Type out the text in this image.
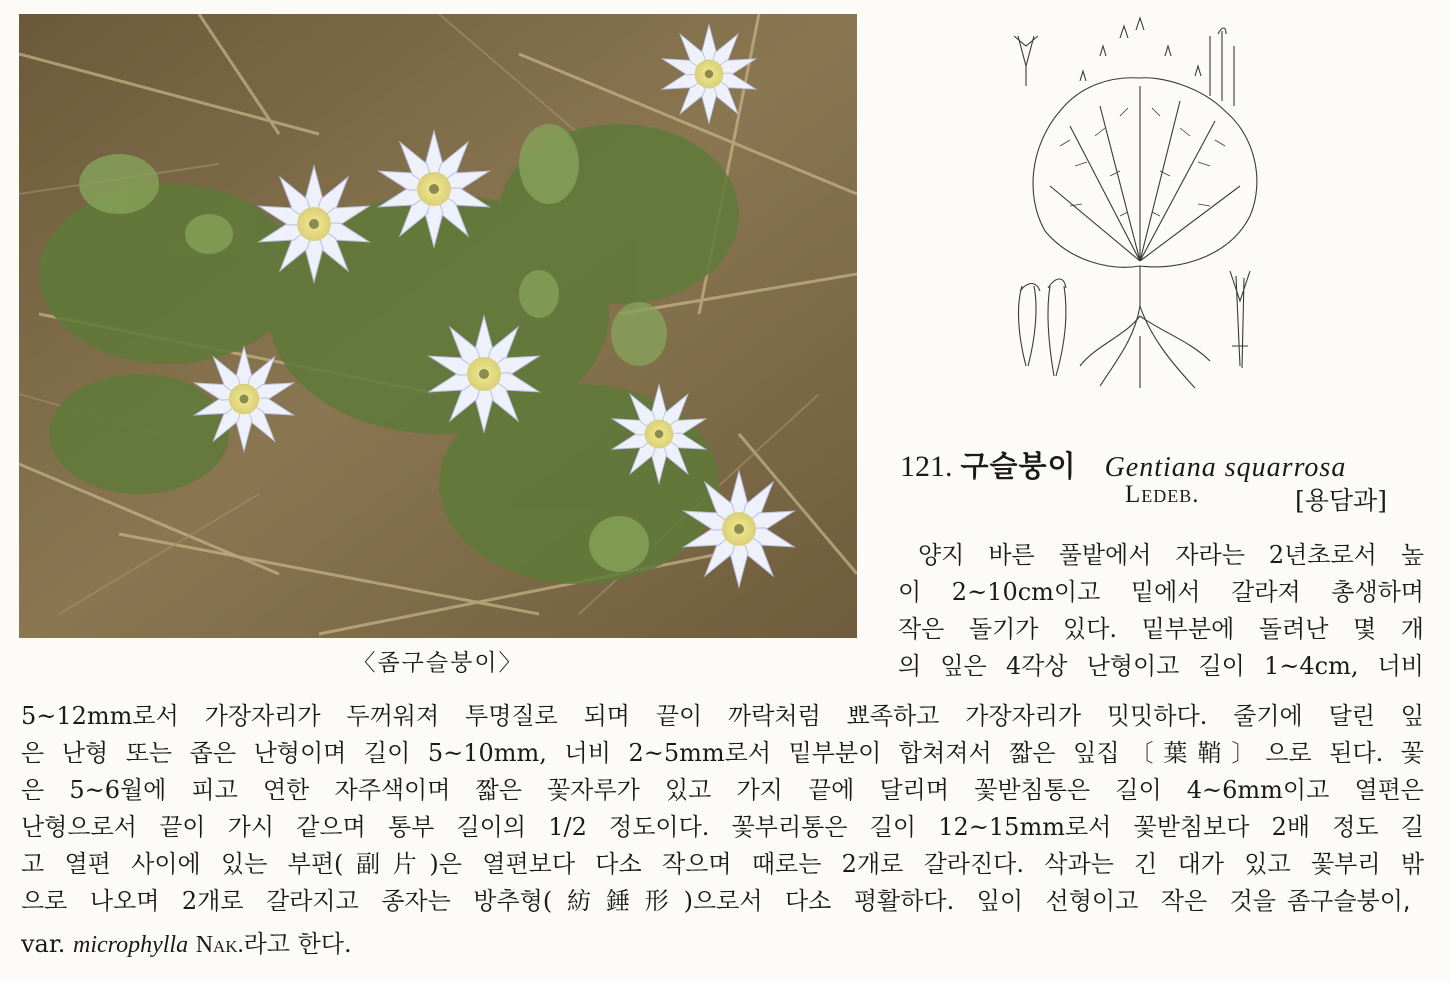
〈좀구슬붕이〉
121. 구슬붕이 Gentiana squarrosa
Ledeb.	[용담과]
양지 바른 풀밭에서 자라는 2년초로서 높
이 2~10cm이고 밑에서 갈라져 총생하며
작은 돌기가 있다. 밑부분에 돌려난 몇 개
의 잎은 4각상 난형이고 길이 1~4cm, 너비
5~12mm로서 가장자리가 두꺼워져 투명질로 되며 끝이 까락처럼 뾰족하고 가장자리가 밋밋하다. 줄기에 달린 잎
은 난형 또는 좁은 난형이며 길이 5~10mm, 너비 2~5mm로서 밑부분이 합쳐져서 짧은 잎집〔葉鞘〕으로 된다. 꽃
은 5~6월에 피고 연한 자주색이며 짧은 꽃자루가 있고 가지 끝에 달리며 꽃받침통은 길이 4~6mm이고 열편은
난형으로서 끝이 가시 같으며 통부 길이의 1/2 정도이다. 꽃부리통은 길이 12~15mm로서 꽃받침보다 2배 정도 길
고 열편 사이에 있는 부편(副片)은 열편보다 다소 작으며 때로는 2개로 갈라진다. 삭과는 긴 대가 있고 꽃부리 밖
으로 나오며 2개로 갈라지고 종자는 방추형(紡錘形)으로서 다소 평활하다. 잎이 선형이고 작은 것을 좀구슬붕이,
var. microphylla Nak.라고 한다.
